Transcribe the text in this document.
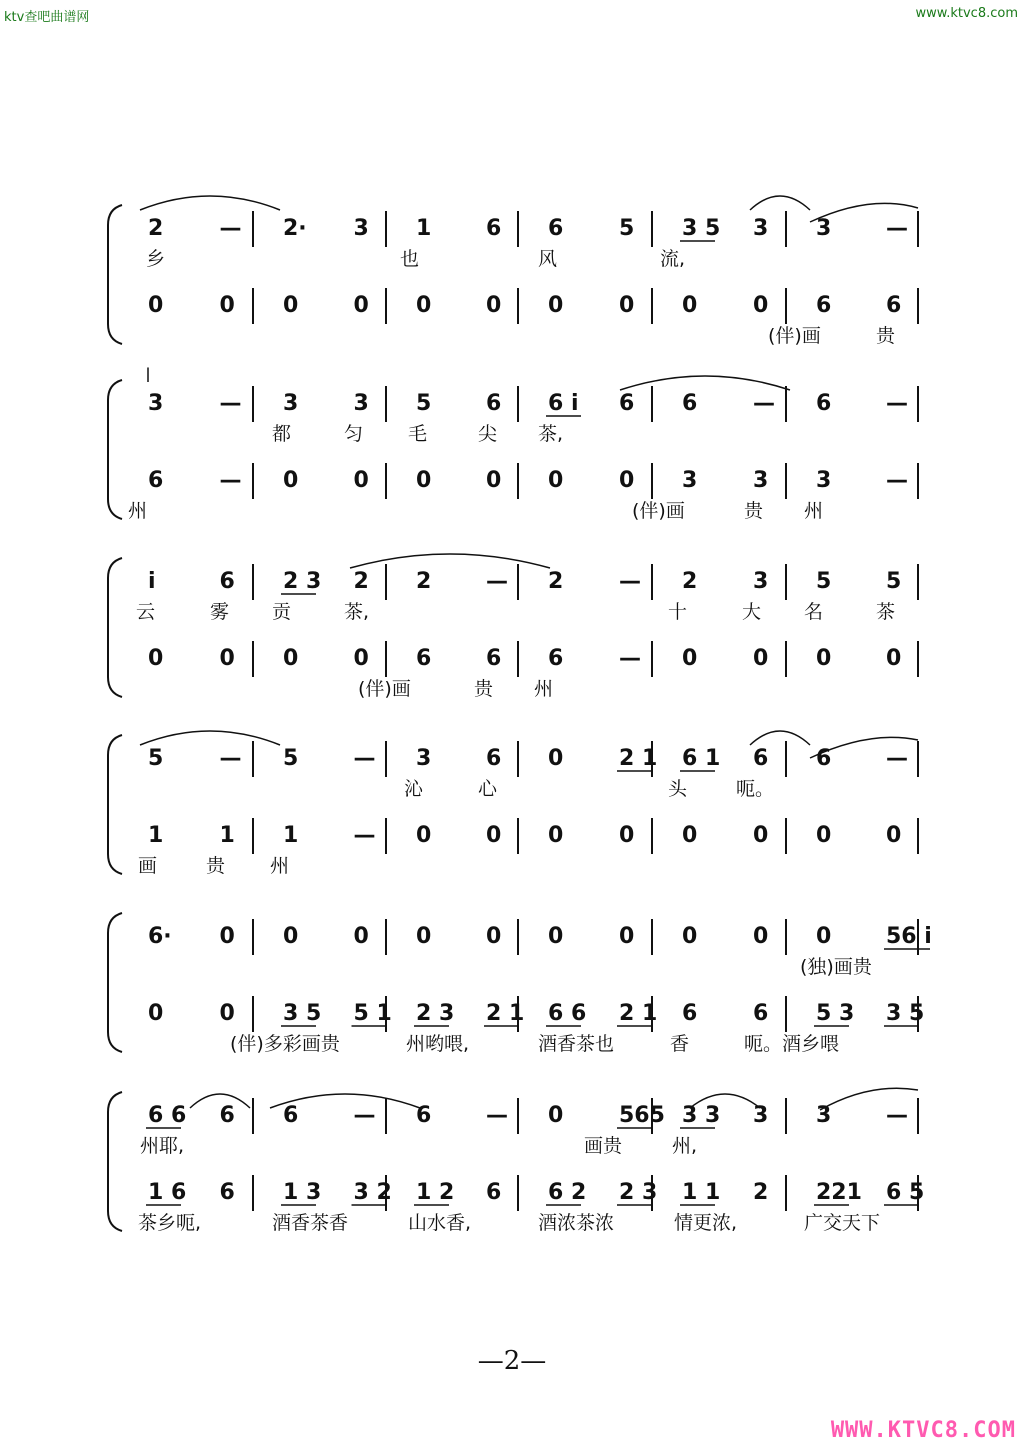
ktv查吧曲谱网	www.ktvc8.com
2	— 2· 3 1 6 6	5 3 5 3 3 —
0	0 0	0 0 0 0	0 0	0 6 6
乡	也	风	流,
(伴)画	贵
3	— 3	3 5 6 6 i 6 6	— 6 —
6	— 0	0 0 0 0	0 3	3 3 —
都	匀 毛	尖 茶,
州	(伴)画	贵 州
i	6 2 3 2 2 — 2	— 2	3 5 5
0	0 0	0 6 6 6	— 0	0 0 0
云	雾 贡	茶,	十	大 名	茶
(伴)画	贵 州
5	— 5	— 3 6 0	2 1 6 1 6 6 —
1	1 1	— 0 0 0	0 0	0 0 0
沁	心	头	呃。
画	贵 州
6· 0 0	0 0 0 0	0 0	0 0 56 i
0	0 3 5 5 1 2 3 2 1 6 6 2 1 6	6 5 3 3 5
(独)画贵
(伴)多彩画贵	州哟喂,	酒香茶也	香	呃。酒乡喂
6 6 6 6	— 6 — 0	565 3 3 3 3 —
1 6 6 1 3 3 2 1 2 6 6 2 2 3 1 1 2 221 6 5
州耶,	画贵	州,
茶乡呃,	酒香茶香	山水香,	酒浓茶浓	情更浓,	广交天下
—2—
WWW.KTVC8.COM
